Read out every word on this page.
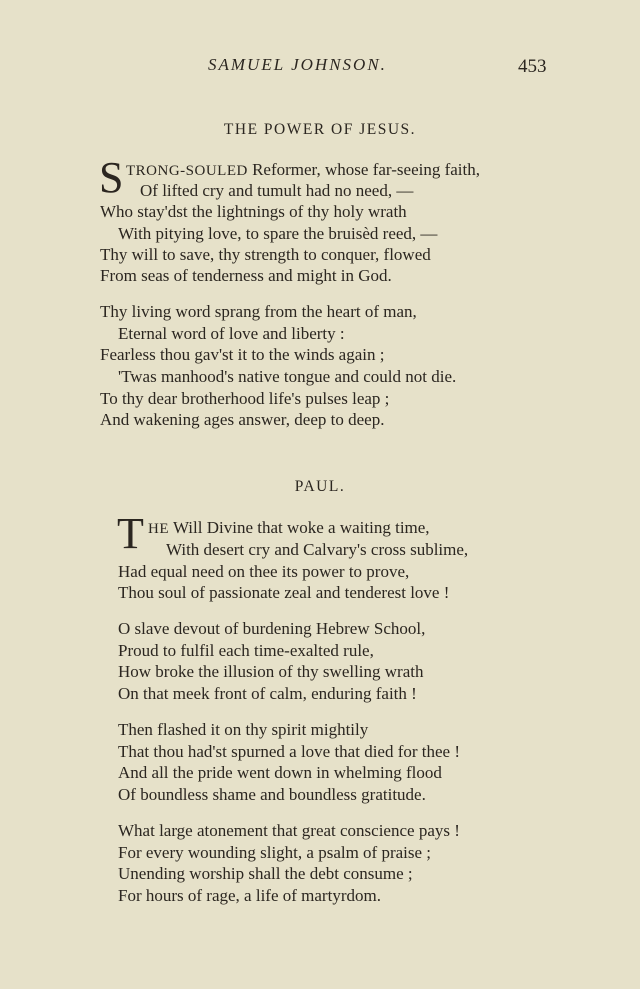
SAMUEL JOHNSON.	453
THE POWER OF JESUS.
S TRONG-SOULED Reformer, whose far-seeing faith,
Of lifted cry and tumult had no need, —
Who stay'dst the lightnings of thy holy wrath
With pitying love, to spare the bruisèd reed, —
Thy will to save, thy strength to conquer, flowed
From seas of tenderness and might in God.
Thy living word sprang from the heart of man,
Eternal word of love and liberty :
Fearless thou gav'st it to the winds again ;
'Twas manhood's native tongue and could not die.
To thy dear brotherhood life's pulses leap ;
And wakening ages answer, deep to deep.
PAUL.
T HE Will Divine that woke a waiting time,
With desert cry and Calvary's cross sublime,
Had equal need on thee its power to prove,
Thou soul of passionate zeal and tenderest love !
O slave devout of burdening Hebrew School,
Proud to fulfil each time-exalted rule,
How broke the illusion of thy swelling wrath
On that meek front of calm, enduring faith !
Then flashed it on thy spirit mightily
That thou had'st spurned a love that died for thee !
And all the pride went down in whelming flood
Of boundless shame and boundless gratitude.
What large atonement that great conscience pays !
For every wounding slight, a psalm of praise ;
Unending worship shall the debt consume ;
For hours of rage, a life of martyrdom.
